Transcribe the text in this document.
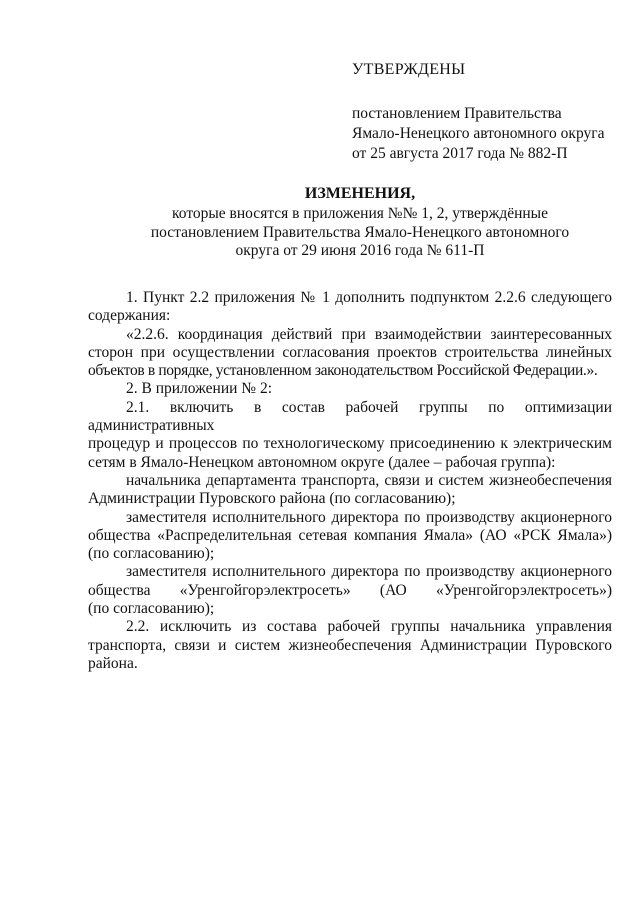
УТВЕРЖДЕНЫ

постановлением Правительства

Ямало-Ненецкого автономного округа

от 25 августа 2017 года № 882-П

ИЗМЕНЕНИЯ,

которые вносятся в приложения №№ 1, 2, утверждённые

постановлением Правительства Ямало-Ненецкого автономного

округа от 29 июня 2016 года № 611-П

1. Пункт 2.2 приложения № 1 дополнить подпунктом 2.2.6 следующего
содержания:
«2.2.6. координация действий при взаимодействии заинтересованных
сторон при осуществлении согласования проектов строительства линейных
объектов в порядке, установленном законодательством Российской Федерации.».
2. В приложении № 2:
2.1. включить в состав рабочей группы по оптимизации административных
процедур и процессов по технологическому присоединению к электрическим
сетям в Ямало-Ненецком автономном округе (далее – рабочая группа):
начальника департамента транспорта, связи и систем жизнеобеспечения
Администрации Пуровского района (по согласованию);
заместителя исполнительного директора по производству акционерного
общества «Распределительная сетевая компания Ямала» (АО «РСК Ямала»)
(по согласованию);
заместителя исполнительного директора по производству акционерного
общества «Уренгойгорэлектросеть» (АО «Уренгойгорэлектросеть»)
(по согласованию);
2.2. исключить из состава рабочей группы начальника управления
транспорта, связи и систем жизнеобеспечения Администрации Пуровского
района.
